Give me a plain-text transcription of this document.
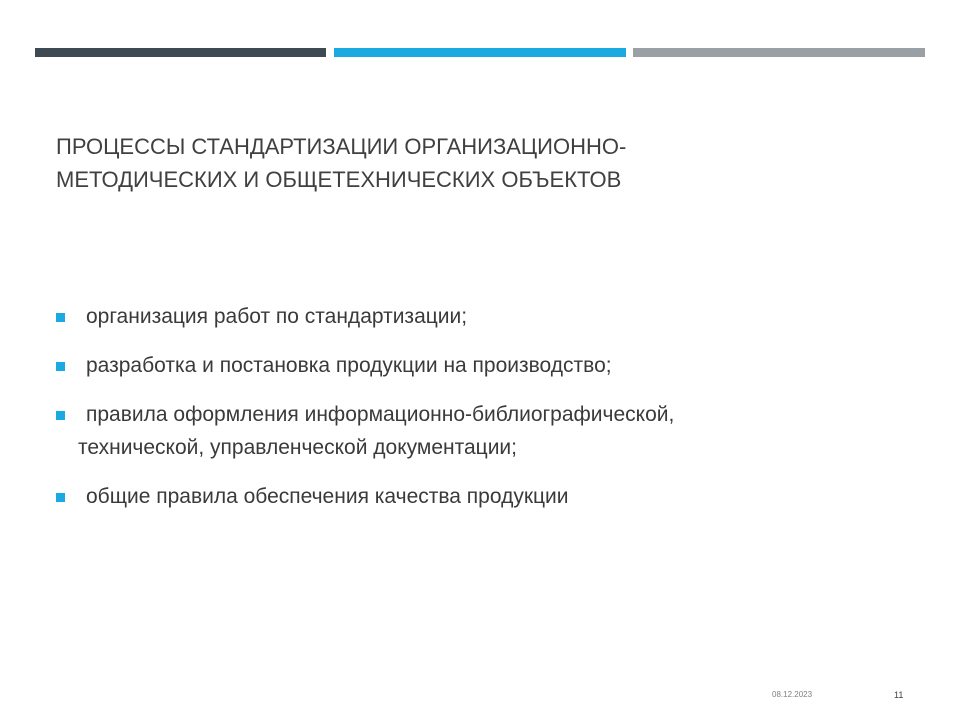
ПРОЦЕССЫ СТАНДАРТИЗАЦИИ ОРГАНИЗАЦИОННО-
МЕТОДИЧЕСКИХ И ОБЩЕТЕХНИЧЕСКИХ ОБЪЕКТОВ
организация работ по стандартизации;
разработка и постановка продукции на производство;
правила оформления информационно-библиографической,
технической, управленческой документации;
общие правила обеспечения качества продукции
08.12.2023	11
